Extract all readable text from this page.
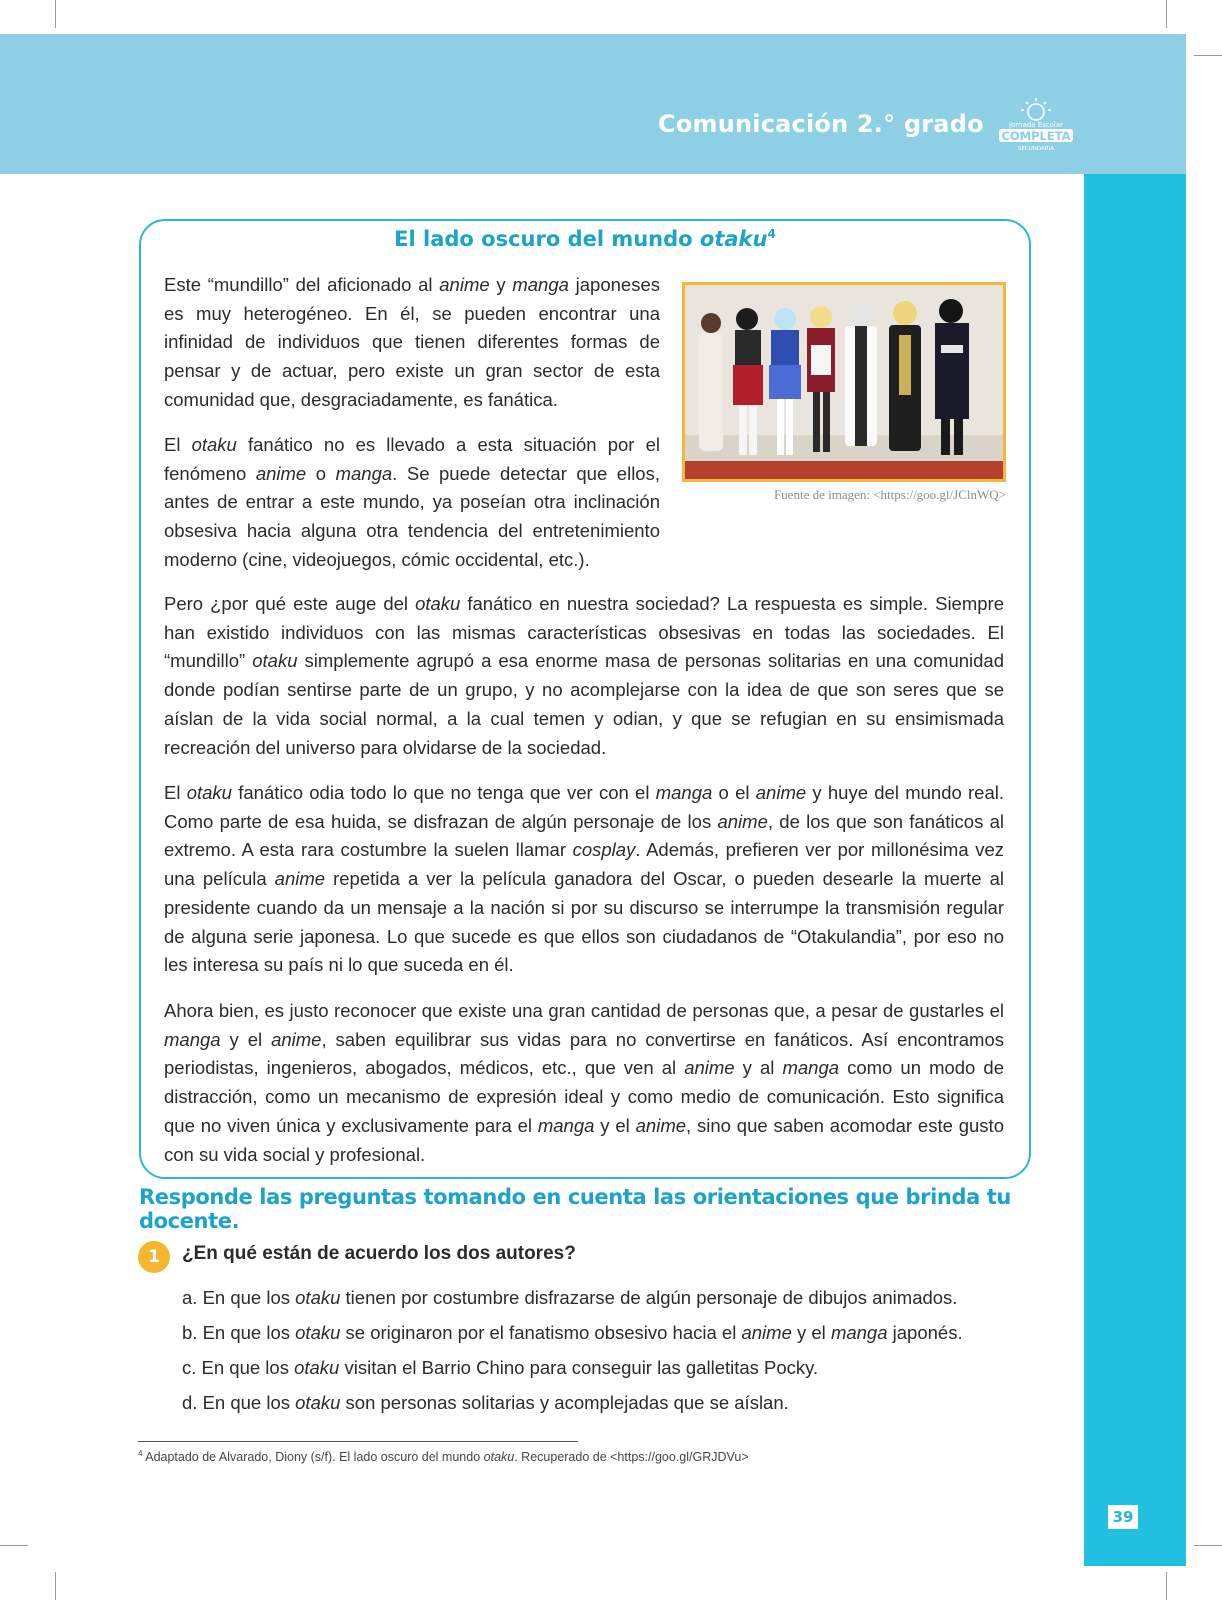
Comunicación 2.° grado	Jornada Escolar
COMPLETA
SECUNDARIA
39
El lado oscuro del mundo otaku$^4$

Este “mundillo” del aficionado al anime y manga japoneses es muy heterogéneo. En él, se pueden encontrar una infinidad de individuos que tienen diferentes formas de pensar y de actuar, pero existe un gran sector de esta comunidad que, desgraciadamente, es fanática.

El otaku fanático no es llevado a esta situación por el fenómeno anime o manga. Se puede detectar que ellos, antes de entrar a este mundo, ya poseían otra inclinación obsesiva hacia alguna otra tendencia del entretenimiento moderno (cine, videojuegos, cómic occidental, etc.).

Pero ¿por qué este auge del otaku fanático en nuestra sociedad? La respuesta es simple. Siempre han existido individuos con las mismas características obsesivas en todas las sociedades. El “mundillo” otaku simplemente agrupó a esa enorme masa de personas solitarias en una comunidad donde podían sentirse parte de un grupo, y no acomplejarse con la idea de que son seres que se aíslan de la vida social normal, a la cual temen y odian, y que se refugian en su ensimismada recreación del universo para olvidarse de la sociedad.

El otaku fanático odia todo lo que no tenga que ver con el manga o el anime y huye del mundo real. Como parte de esa huida, se disfrazan de algún personaje de los anime, de los que son fanáticos al extremo. A esta rara costumbre la suelen llamar cosplay. Además, prefieren ver por millonésima vez una película anime repetida a ver la película ganadora del Oscar, o pueden desearle la muerte al presidente cuando da un mensaje a la nación si por su discurso se interrumpe la transmisión regular de alguna serie japonesa. Lo que sucede es que ellos son ciudadanos de “Otakulandia”, por eso no les interesa su país ni lo que suceda en él.

Ahora bien, es justo reconocer que existe una gran cantidad de personas que, a pesar de gustarles el manga y el anime, saben equilibrar sus vidas para no convertirse en fanáticos. Así encontramos periodistas, ingenieros, abogados, médicos, etc., que ven al anime y al manga como un modo de distracción, como un mecanismo de expresión ideal y como medio de comunicación. Esto significa que no viven única y exclusivamente para el manga y el anime, sino que saben acomodar este gusto con su vida social y profesional.

Fuente de imagen: <https://goo.gl/JClnWQ>
Responde las preguntas tomando en cuenta las orientaciones que brinda tu docente.
1	¿En qué están de acuerdo los dos autores?
a. En que los otaku tienen por costumbre disfrazarse de algún personaje de dibujos animados.
b. En que los otaku se originaron por el fanatismo obsesivo hacia el anime y el manga japonés.
c. En que los otaku visitan el Barrio Chino para conseguir las galletitas Pocky.
d. En que los otaku son personas solitarias y acomplejadas que se aíslan.
$^4$ Adaptado de Alvarado, Diony (s/f). El lado oscuro del mundo otaku. Recuperado de <https://goo.gl/GRJDVu>
